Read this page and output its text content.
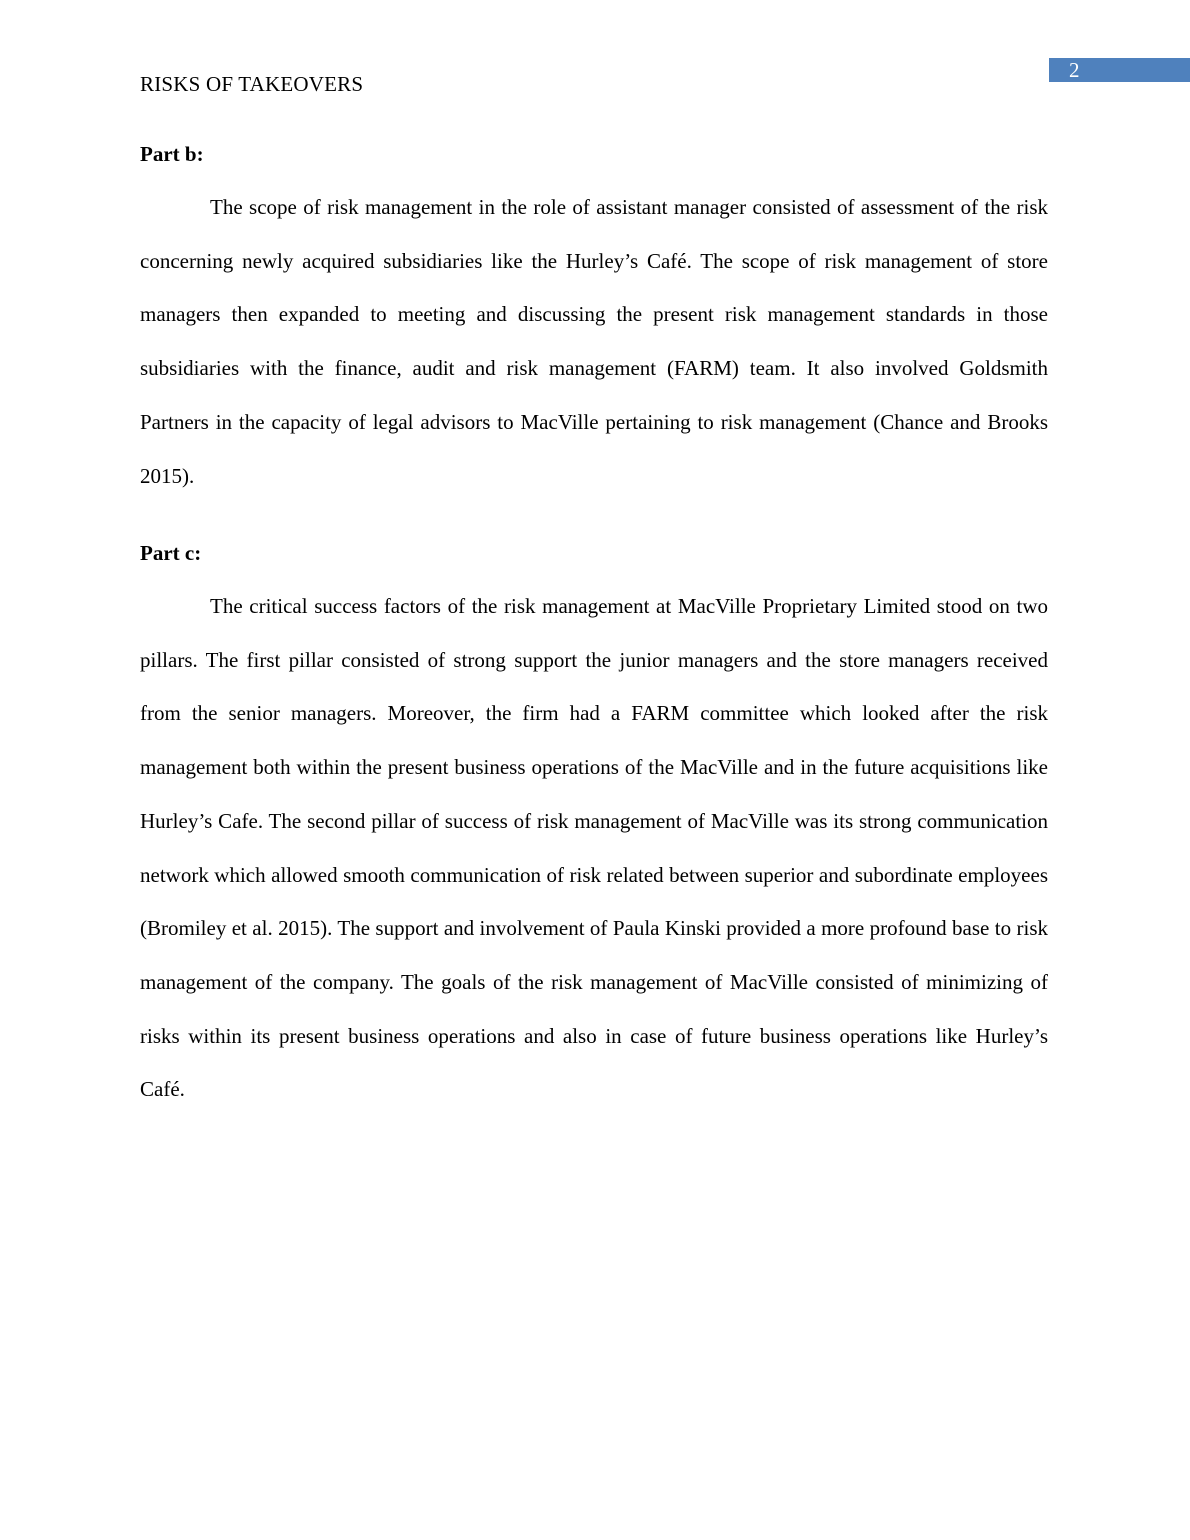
2
RISKS OF TAKEOVERS
Part b:

The scope of risk management in the role of assistant manager consisted of assessment of the risk concerning newly acquired subsidiaries like the Hurley’s Café. The scope of risk management of store managers then expanded to meeting and discussing the present risk management standards in those subsidiaries with the finance, audit and risk management (FARM) team. It also involved Goldsmith Partners in the capacity of legal advisors to MacVille pertaining to risk management (Chance and Brooks 2015).

Part c:

The critical success factors of the risk management at MacVille Proprietary Limited stood on two pillars. The first pillar consisted of strong support the junior managers and the store managers received from the senior managers. Moreover, the firm had a FARM committee which looked after the risk management both within the present business operations of the MacVille and in the future acquisitions like Hurley’s Cafe. The second pillar of success of risk management of MacVille was its strong communication network which allowed smooth communication of risk related between superior and subordinate employees (Bromiley et al. 2015). The support and involvement of Paula Kinski provided a more profound base to risk management of the company. The goals of the risk management of MacVille consisted of minimizing of risks within its present business operations and also in case of future business operations like Hurley’s Café.
